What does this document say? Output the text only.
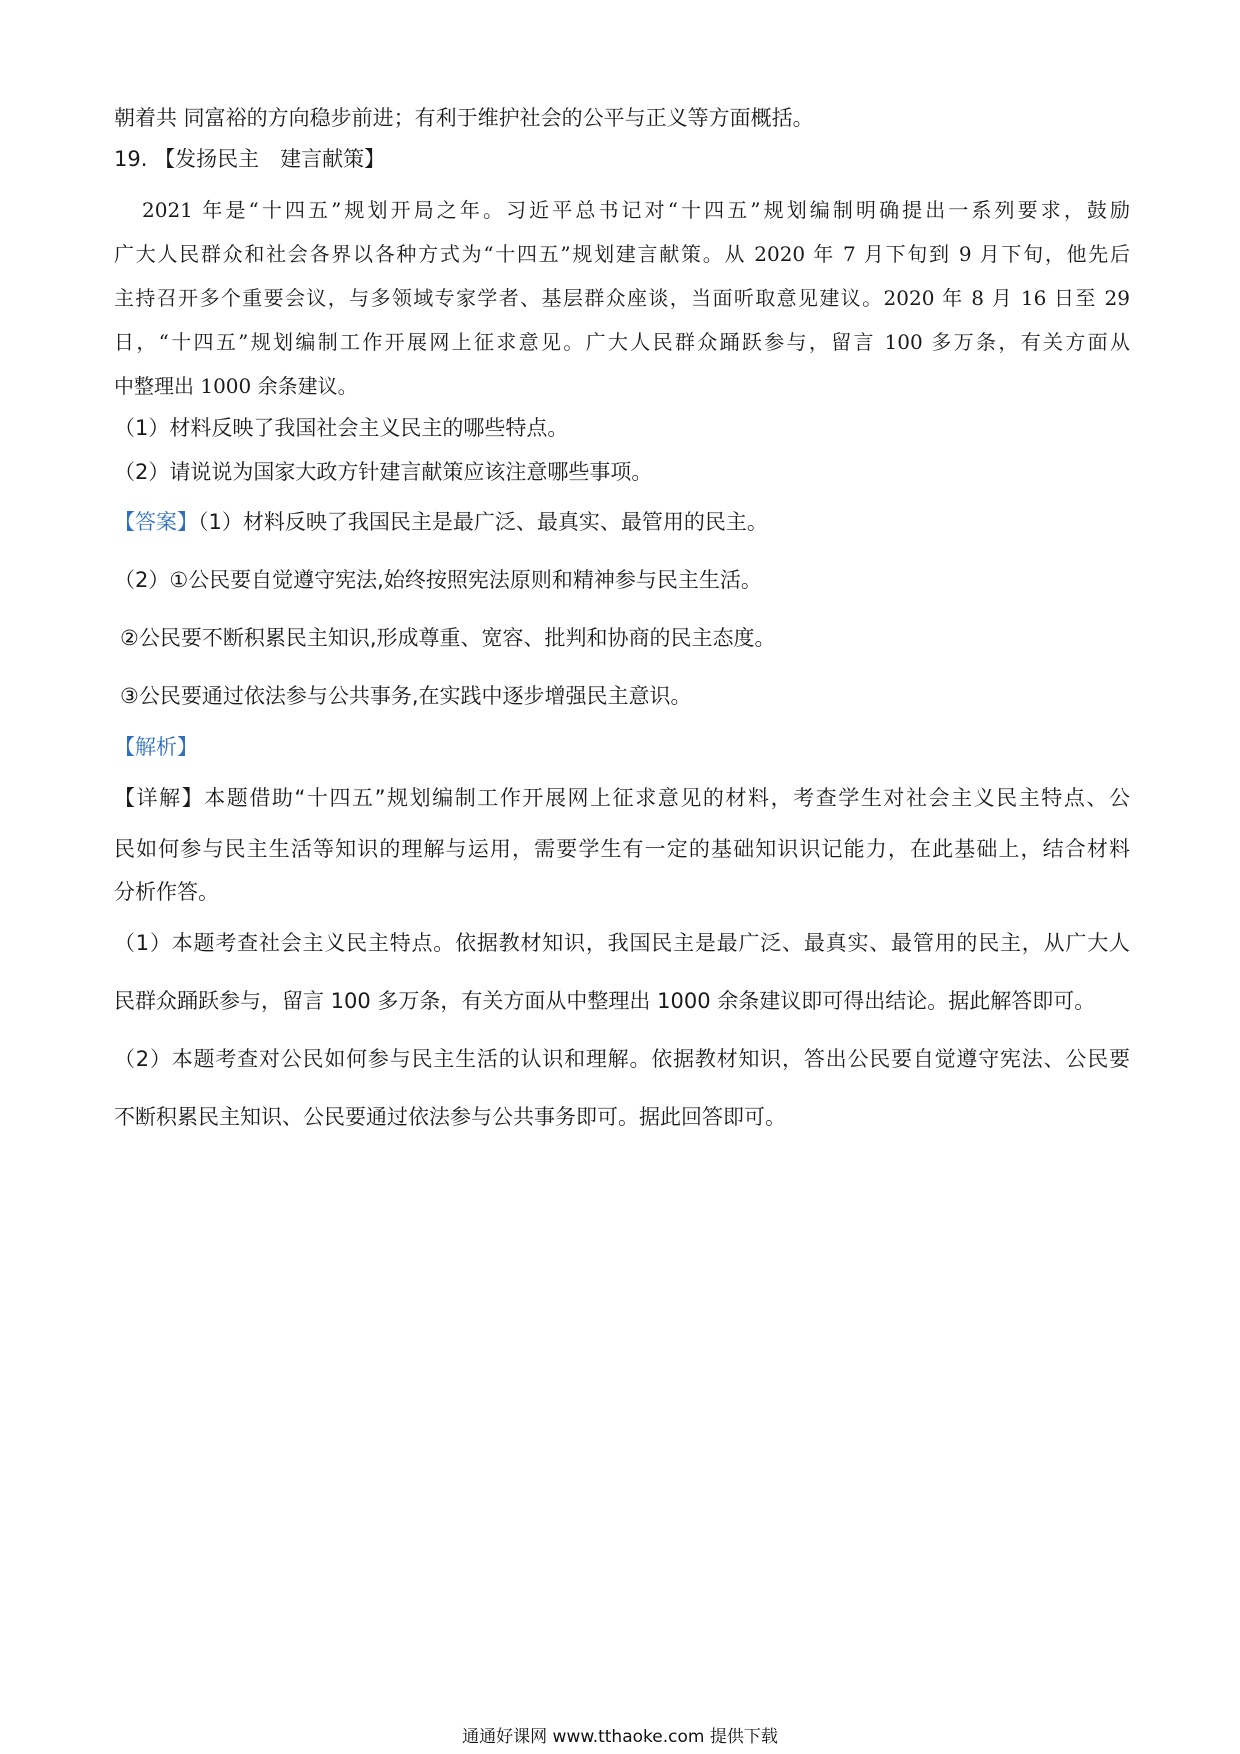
朝着共 同富裕的方向稳步前进；有利于维护社会的公平与正义等方面概括。
19. 【发扬民主　建言献策】
2021 年是“十四五”规划开局之年。习近平总书记对“十四五”规划编制明确提出一系列要求，鼓励
广大人民群众和社会各界以各种方式为“十四五”规划建言献策。从 2020 年 7 月下旬到 9 月下旬，他先后
主持召开多个重要会议，与多领域专家学者、基层群众座谈，当面听取意见建议。2020 年 8 月 16 日至 29
日，“十四五”规划编制工作开展网上征求意见。广大人民群众踊跃参与，留言 100 多万条，有关方面从
中整理出 1000 余条建议。
（1）材料反映了我国社会主义民主的哪些特点。
（2）请说说为国家大政方针建言献策应该注意哪些事项。
【答案】（1）材料反映了我国民主是最广泛、最真实、最管用的民主。
（2）①公民要自觉遵守宪法,始终按照宪法原则和精神参与民主生活。
②公民要不断积累民主知识,形成尊重、宽容、批判和协商的民主态度。
③公民要通过依法参与公共事务,在实践中逐步增强民主意识。
【解析】
【详解】本题借助“十四五”规划编制工作开展网上征求意见的材料，考查学生对社会主义民主特点、公
民如何参与民主生活等知识的理解与运用，需要学生有一定的基础知识识记能力，在此基础上，结合材料
分析作答。
（1）本题考查社会主义民主特点。依据教材知识，我国民主是最广泛、最真实、最管用的民主，从广大人
民群众踊跃参与，留言 100 多万条，有关方面从中整理出 1000 余条建议即可得出结论。据此解答即可。
（2）本题考查对公民如何参与民主生活的认识和理解。依据教材知识，答出公民要自觉遵守宪法、公民要
不断积累民主知识、公民要通过依法参与公共事务即可。据此回答即可。
通通好课网 www.tthaoke.com 提供下载
